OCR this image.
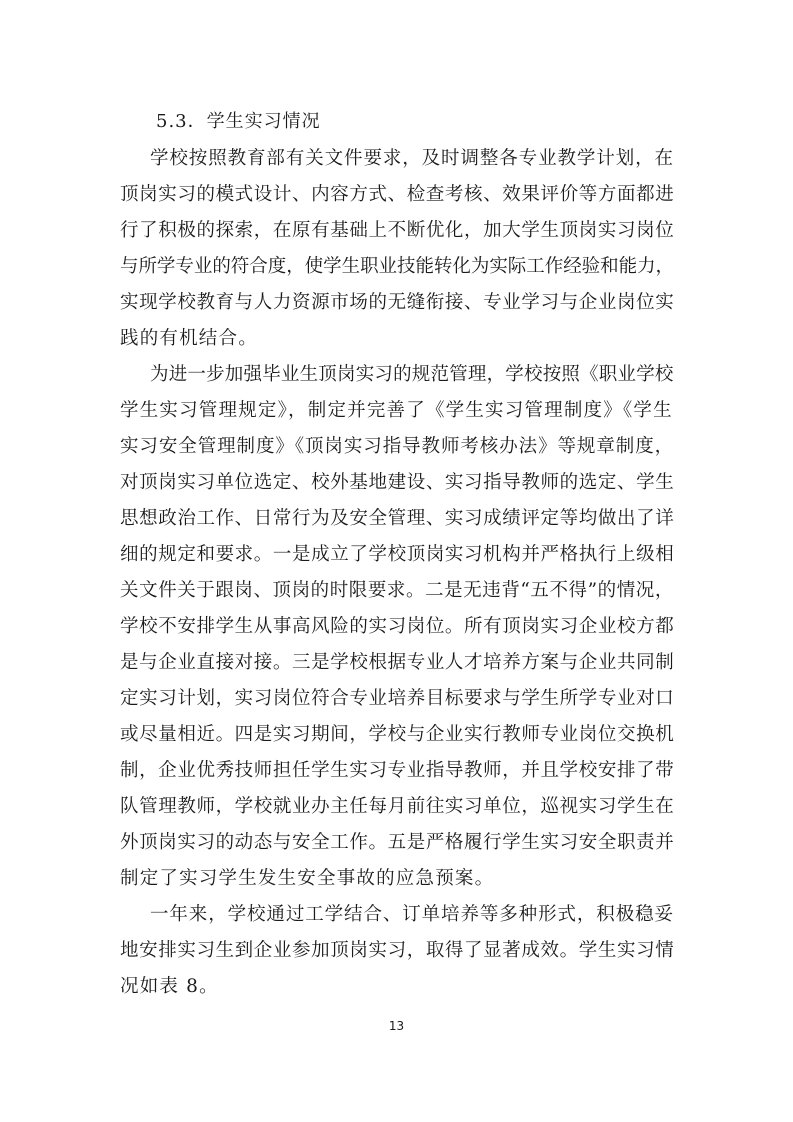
5.3．学生实习情况
学校按照教育部有关文件要求，及时调整各专业教学计划，在
顶岗实习的模式设计、内容方式、检查考核、效果评价等方面都进
行了积极的探索，在原有基础上不断优化，加大学生顶岗实习岗位
与所学专业的符合度，使学生职业技能转化为实际工作经验和能力，
实现学校教育与人力资源市场的无缝衔接、专业学习与企业岗位实
践的有机结合。
为进一步加强毕业生顶岗实习的规范管理，学校按照《职业学校
学生实习管理规定》，制定并完善了《学生实习管理制度》《学生
实习安全管理制度》《顶岗实习指导教师考核办法》等规章制度，
对顶岗实习单位选定、校外基地建设、实习指导教师的选定、学生
思想政治工作、日常行为及安全管理、实习成绩评定等均做出了详
细的规定和要求。一是成立了学校顶岗实习机构并严格执行上级相
关文件关于跟岗、顶岗的时限要求。二是无违背“五不得”的情况，
学校不安排学生从事高风险的实习岗位。所有顶岗实习企业校方都
是与企业直接对接。三是学校根据专业人才培养方案与企业共同制
定实习计划，实习岗位符合专业培养目标要求与学生所学专业对口
或尽量相近。四是实习期间，学校与企业实行教师专业岗位交换机
制，企业优秀技师担任学生实习专业指导教师，并且学校安排了带
队管理教师，学校就业办主任每月前往实习单位，巡视实习学生在
外顶岗实习的动态与安全工作。五是严格履行学生实习安全职责并
制定了实习学生发生安全事故的应急预案。
一年来，学校通过工学结合、订单培养等多种形式，积极稳妥
地安排实习生到企业参加顶岗实习，取得了显著成效。学生实习情
况如表 8。
13
